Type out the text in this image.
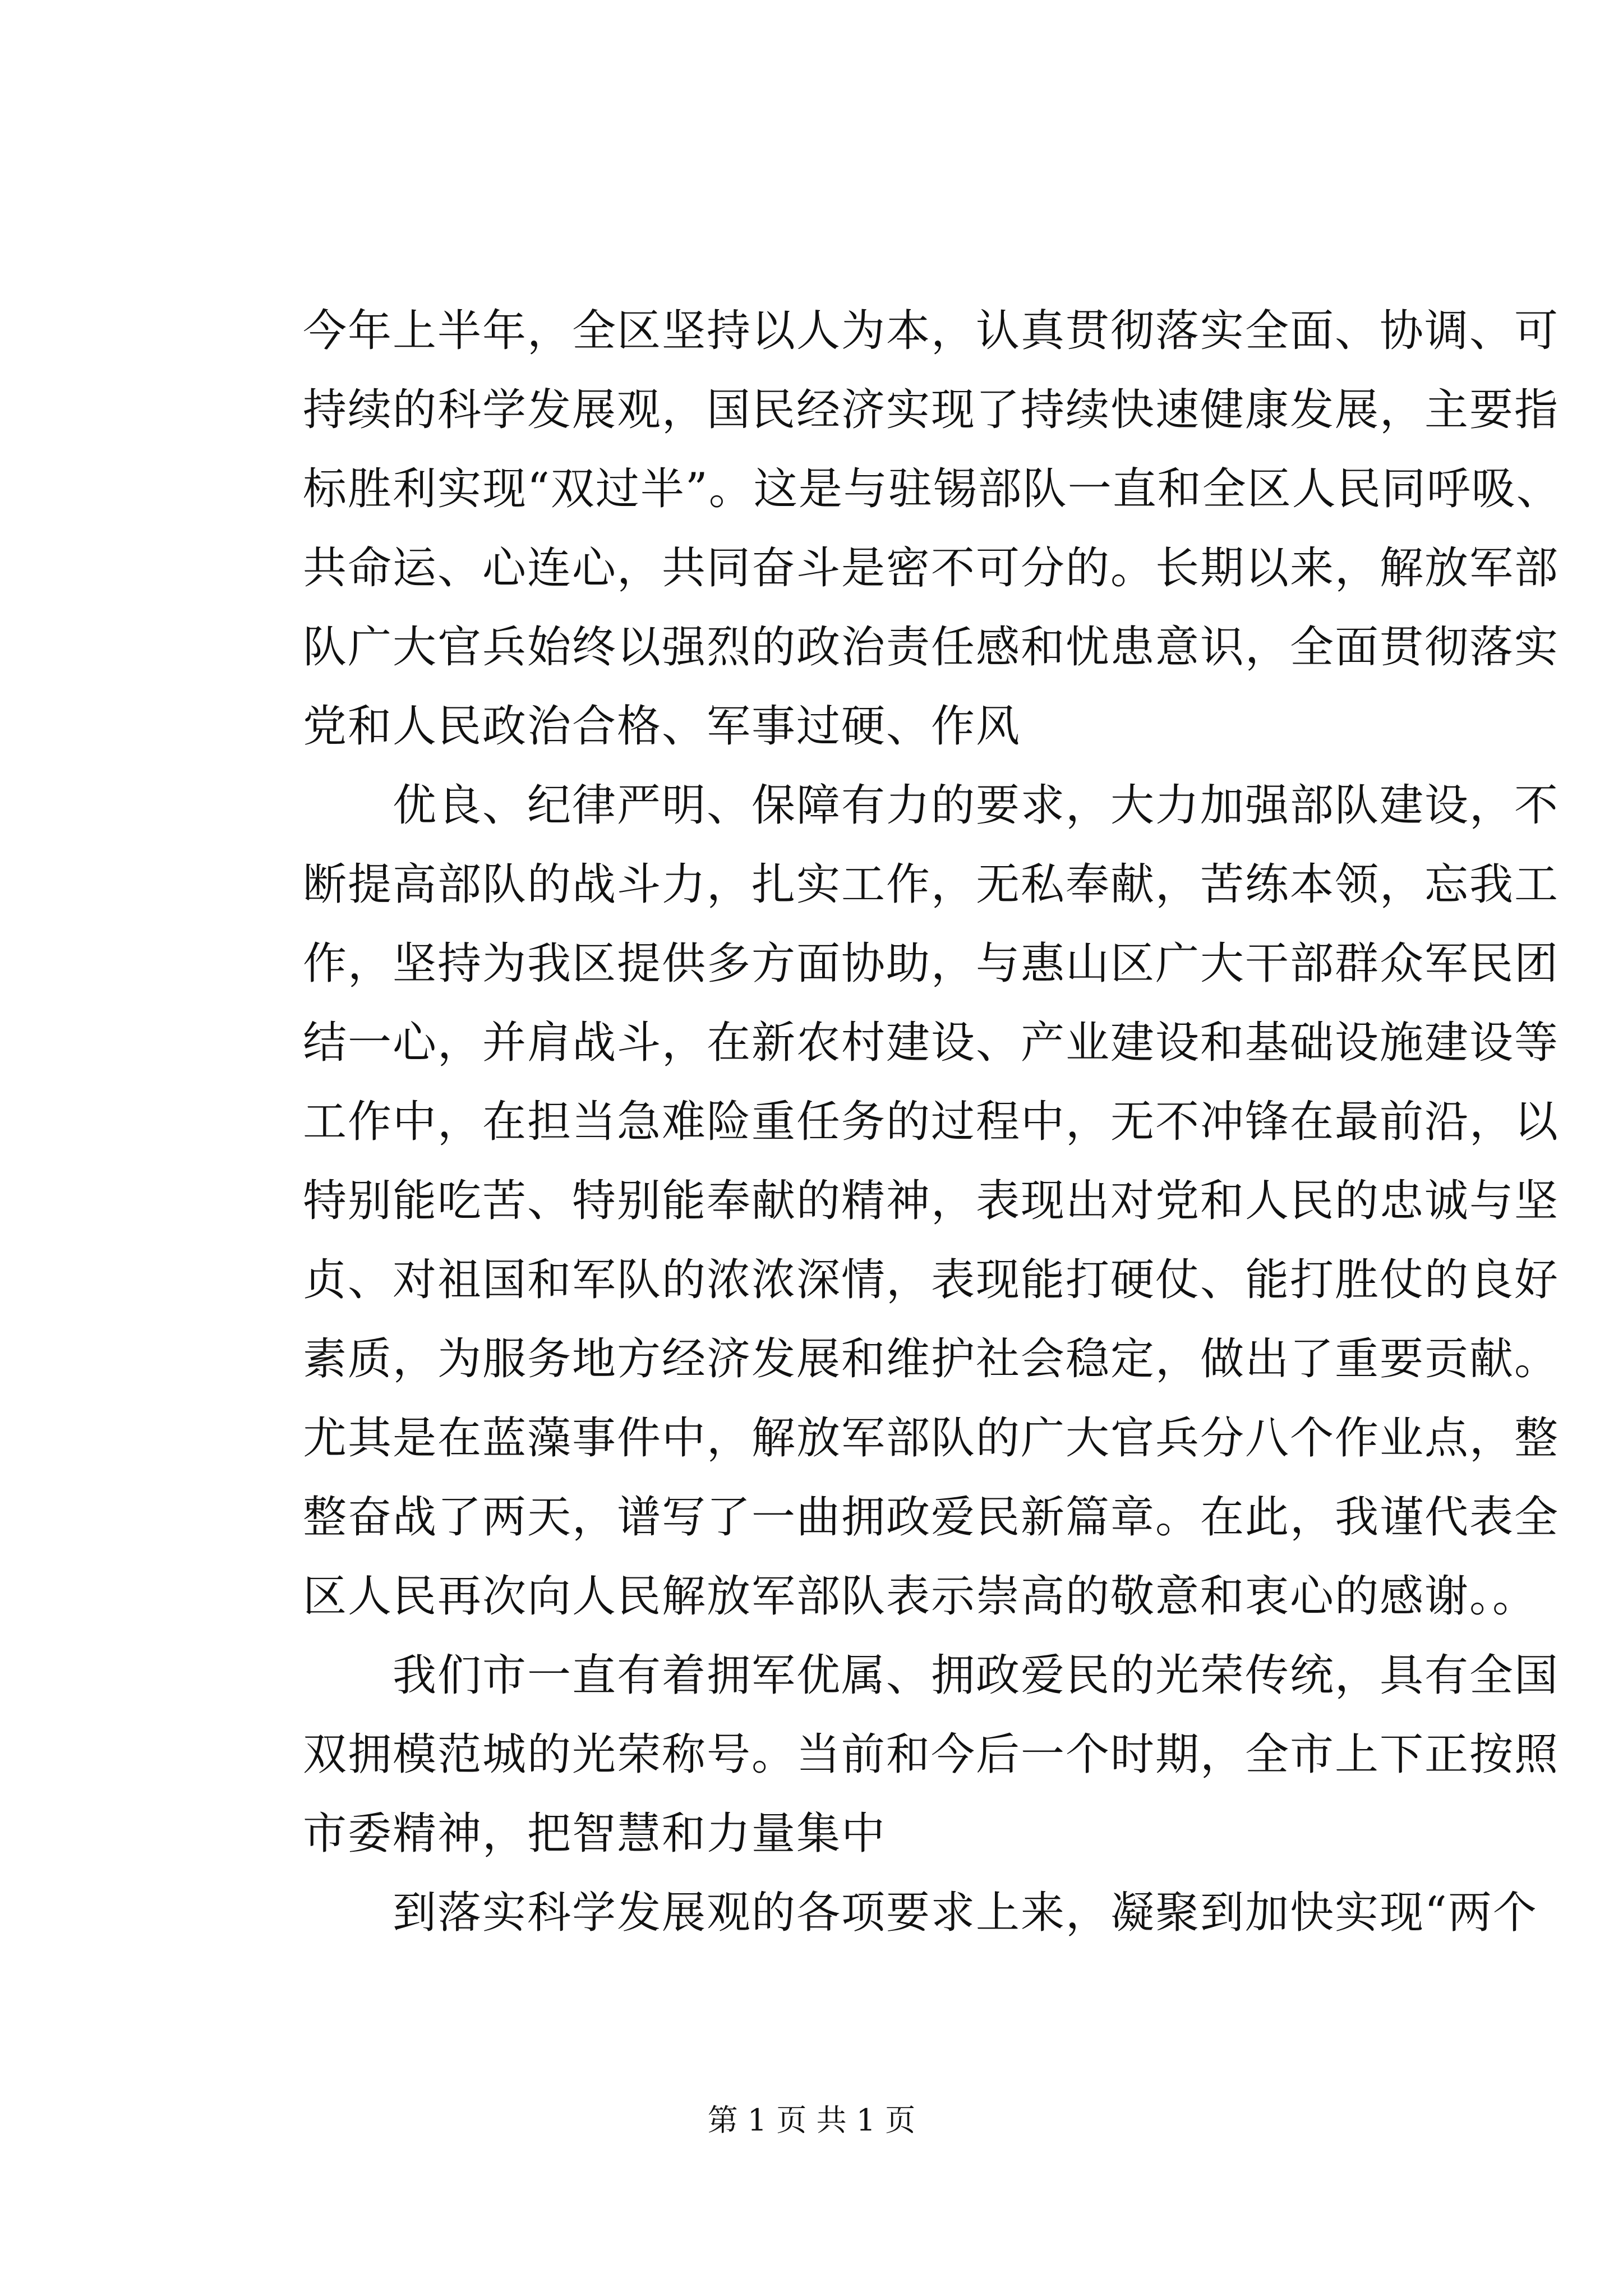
今年上半年，全区坚持以人为本，认真贯彻落实全面、协调、可
持续的科学发展观，国民经济实现了持续快速健康发展，主要指
标胜利实现“双过半”。这是与驻锡部队一直和全区人民同呼吸、
共命运、心连心，共同奋斗是密不可分的。长期以来，解放军部
队广大官兵始终以强烈的政治责任感和忧患意识，全面贯彻落实
党和人民政治合格、军事过硬、作风
优良、纪律严明、保障有力的要求，大力加强部队建设，不
断提高部队的战斗力，扎实工作，无私奉献，苦练本领，忘我工
作，坚持为我区提供多方面协助，与惠山区广大干部群众军民团
结一心，并肩战斗，在新农村建设、产业建设和基础设施建设等
工作中，在担当急难险重任务的过程中，无不冲锋在最前沿，以
特别能吃苦、特别能奉献的精神，表现出对党和人民的忠诚与坚
贞、对祖国和军队的浓浓深情，表现能打硬仗、能打胜仗的良好
素质，为服务地方经济发展和维护社会稳定，做出了重要贡献。
尤其是在蓝藻事件中，解放军部队的广大官兵分八个作业点，整
整奋战了两天，谱写了一曲拥政爱民新篇章。在此，我谨代表全
区人民再次向人民解放军部队表示崇高的敬意和衷心的感谢。。
我们市一直有着拥军优属、拥政爱民的光荣传统，具有全国
双拥模范城的光荣称号。当前和今后一个时期，全市上下正按照
市委精神，把智慧和力量集中
到落实科学发展观的各项要求上来，凝聚到加快实现“两个
第 1 页 共 1 页
